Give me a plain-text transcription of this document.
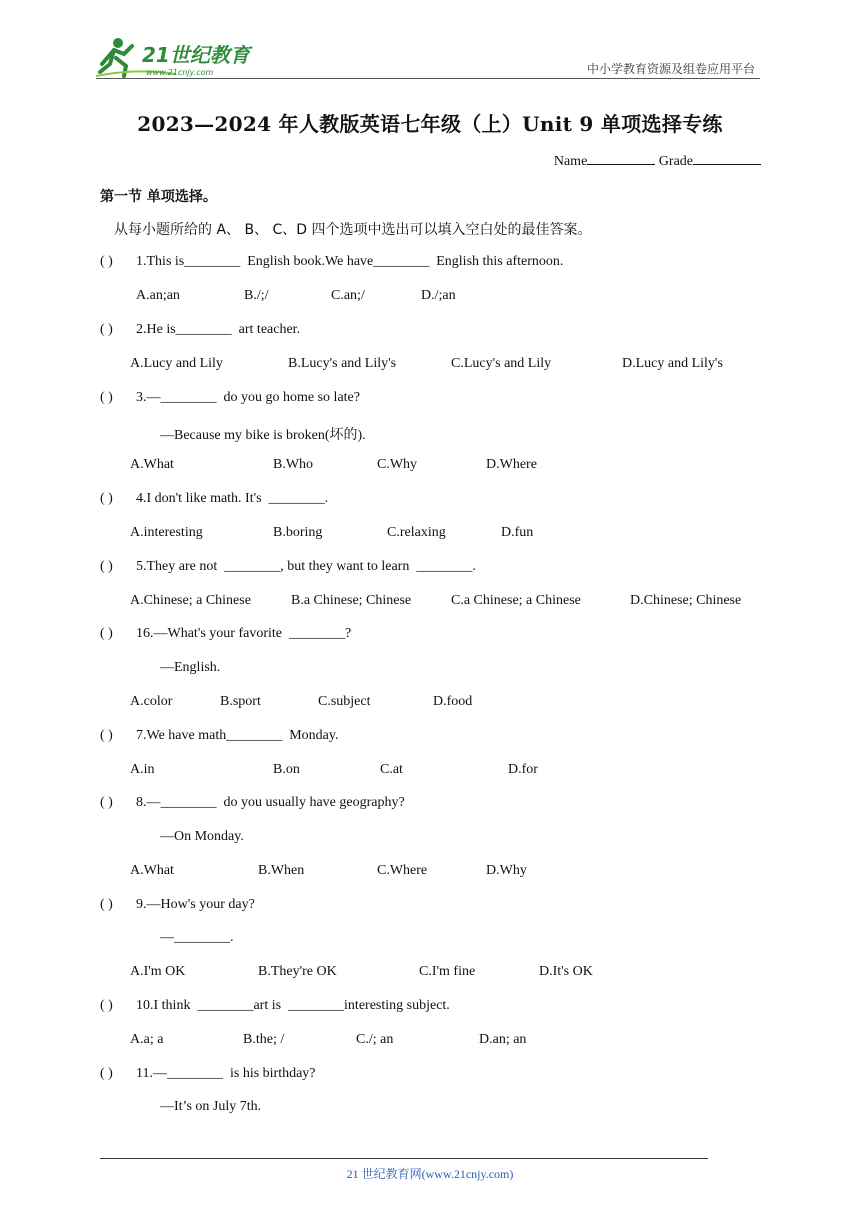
21世纪教育
www.21cnjy.com	中小学教育资源及组卷应用平台
2023—2024 年人教版英语七年级（上）Unit 9 单项选择专练
Name	Grade
第一节 单项选择。
从每小题所给的 A、 B、 C、D 四个选项中选出可以填入空白处的最佳答案。
( ) 1.This is________  English book.We have________  English this afternoon.
A.an;an	B./;/	C.an;/	D./;an
( ) 2.He is________  art teacher.
A.Lucy and Lily	B.Lucy's and Lily's	C.Lucy's and Lily	D.Lucy and Lily's
( ) 3.—________  do you go home so late?
—Because my bike is broken(坏的).
A.What	B.Who	C.Why	D.Where
( ) 4.I don't like math. It's  ________.
A.interesting	B.boring	C.relaxing	D.fun
( ) 5.They are not  ________, but they want to learn  ________.
A.Chinese; a Chinese	B.a Chinese; Chinese	C.a Chinese; a Chinese	D.Chinese; Chinese
( ) 16.—What's your favorite  ________?
—English.
A.color	B.sport	C.subject	D.food
( ) 7.We have math________  Monday.
A.in	B.on	C.at	D.for
( ) 8.—________  do you usually have geography?
—On Monday.
A.What	B.When	C.Where	D.Why
( ) 9.—How's your day?
—________.
A.I'm OK	B.They're OK	C.I'm fine	D.It's OK
( ) 10.I think  ________art is  ________interesting subject.
A.a; a	B.the; /	C./; an	D.an; an
( ) 11.—________  is his birthday?
—It’s on July 7th.
21 世纪教育网(www.21cnjy.com)
